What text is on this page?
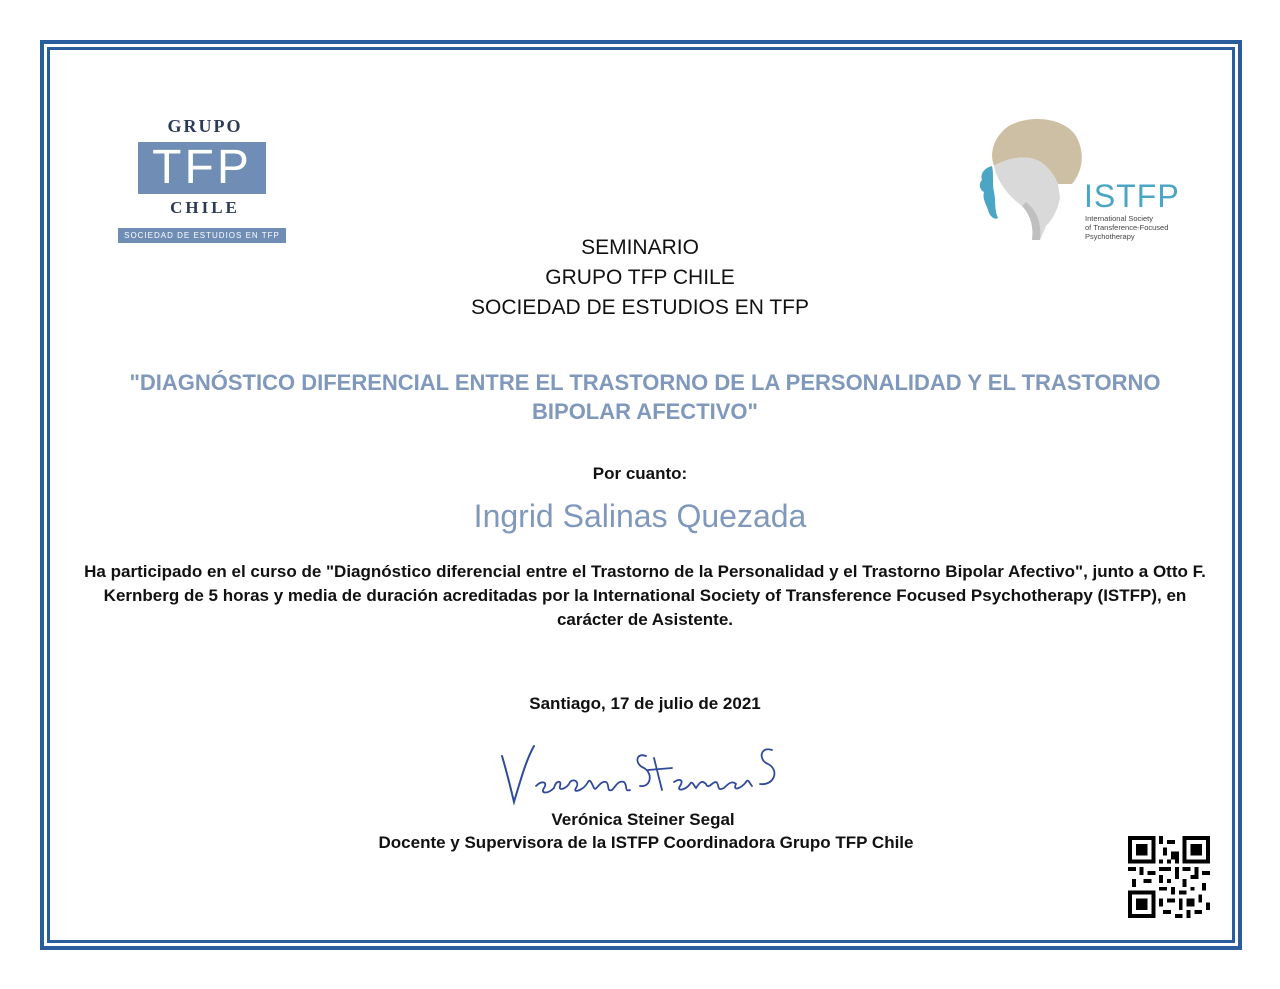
GRUPO
TFP
CHILE
SOCIEDAD DE ESTUDIOS EN TFP
ISTFP
International Society
of Transference-Focused
Psychotherapy
SEMINARIO
GRUPO TFP CHILE
SOCIEDAD DE ESTUDIOS EN TFP
"DIAGNÓSTICO DIFERENCIAL ENTRE EL TRASTORNO DE LA PERSONALIDAD Y EL TRASTORNO BIPOLAR AFECTIVO"
Por cuanto:
Ingrid Salinas Quezada
Ha participado en el curso de "Diagnóstico diferencial entre el Trastorno de la Personalidad y el Trastorno Bipolar Afectivo", junto a Otto F. Kernberg de 5 horas y media de duración acreditadas por la International Society of Transference Focused Psychotherapy (ISTFP), en carácter de Asistente.
Santiago, 17 de julio de 2021
Verónica Steiner Segal
Docente y Supervisora de la ISTFP Coordinadora Grupo TFP Chile
